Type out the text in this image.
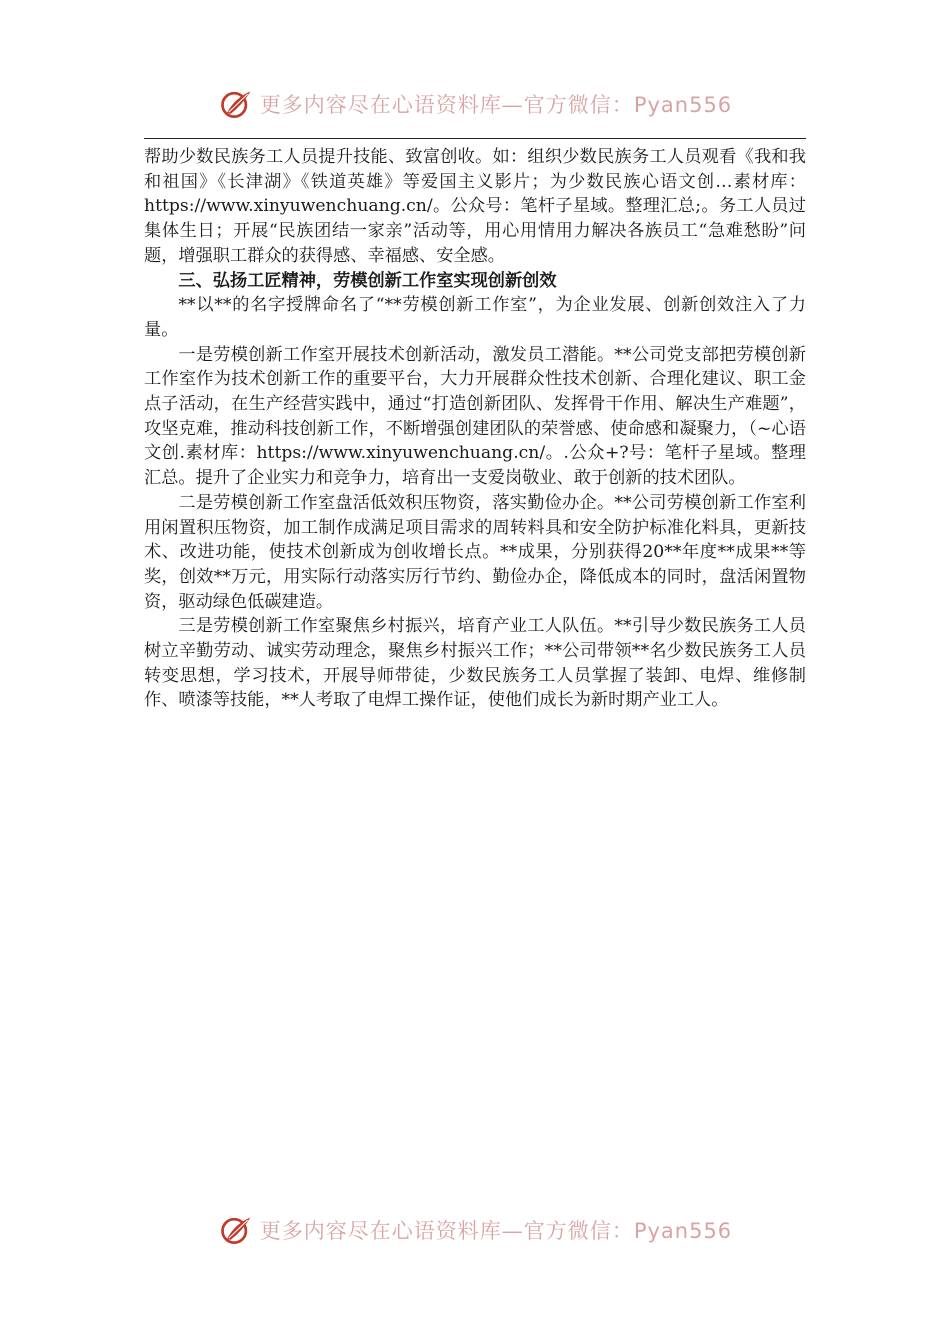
更多内容尽在心语资料库—官方微信：Pyan556

帮助少数民族务工人员提升技能、致富创收。如：组织少数民族务工人员观看《我和我和祖国》《长津湖》《铁道英雄》等爱国主义影片；为少数民族心语文创…素材库：https://www.xinyuwenchuang.cn/。公众号：笔杆子星域。整理汇总;。务工人员过集体生日；开展“民族团结一家亲”活动等，用心用情用力解决各族员工“急难愁盼”问题，增强职工群众的获得感、幸福感、安全感。

三、弘扬工匠精神，劳模创新工作室实现创新创效

**以**的名字授牌命名了“**劳模创新工作室”，为企业发展、创新创效注入了力量。

一是劳模创新工作室开展技术创新活动，激发员工潜能。**公司党支部把劳模创新工作室作为技术创新工作的重要平台，大力开展群众性技术创新、合理化建议、职工金点子活动，在生产经营实践中，通过“打造创新团队、发挥骨干作用、解决生产难题”，攻坚克难，推动科技创新工作，不断增强创建团队的荣誉感、使命感和凝聚力，（~心语文创.素材库：https://www.xinyuwenchuang.cn/。.公众+?号：笔杆子星域。整理汇总。提升了企业实力和竞争力，培育出一支爱岗敬业、敢于创新的技术团队。

二是劳模创新工作室盘活低效积压物资，落实勤俭办企。**公司劳模创新工作室利用闲置积压物资，加工制作成满足项目需求的周转料具和安全防护标准化料具，更新技术、改进功能，使技术创新成为创收增长点。**成果，分别获得20**年度**成果**等奖，创效**万元，用实际行动落实厉行节约、勤俭办企，降低成本的同时，盘活闲置物资，驱动绿色低碳建造。

三是劳模创新工作室聚焦乡村振兴，培育产业工人队伍。**引导少数民族务工人员树立辛勤劳动、诚实劳动理念，聚焦乡村振兴工作；**公司带领**名少数民族务工人员转变思想，学习技术，开展导师带徒，少数民族务工人员掌握了装卸、电焊、维修制作、喷漆等技能，**人考取了电焊工操作证，使他们成长为新时期产业工人。

更多内容尽在心语资料库—官方微信：Pyan556
